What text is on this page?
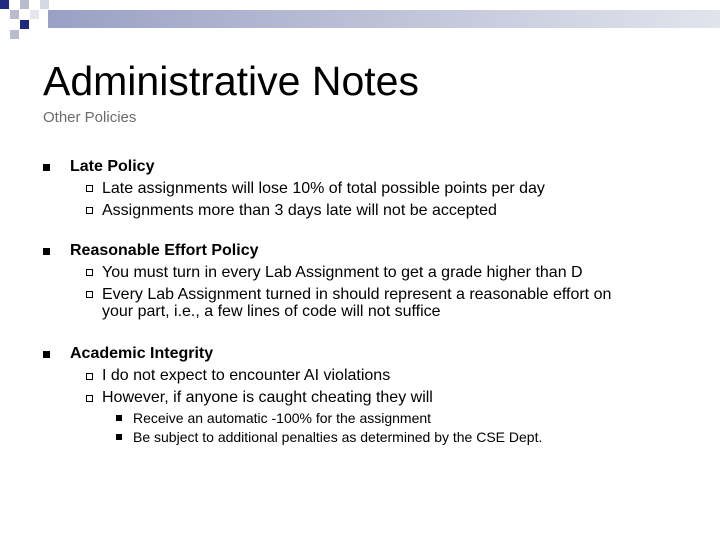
Administrative Notes
Other Policies
Late Policy
Late assignments will lose 10% of total possible points per day
Assignments more than 3 days late will not be accepted
Reasonable Effort Policy
You must turn in every Lab Assignment to get a grade higher than D
Every Lab Assignment turned in should represent a reasonable effort on
your part, i.e., a few lines of code will not suffice
Academic Integrity
I do not expect to encounter AI violations
However, if anyone is caught cheating they will
Receive an automatic -100% for the assignment
Be subject to additional penalties as determined by the CSE Dept.
